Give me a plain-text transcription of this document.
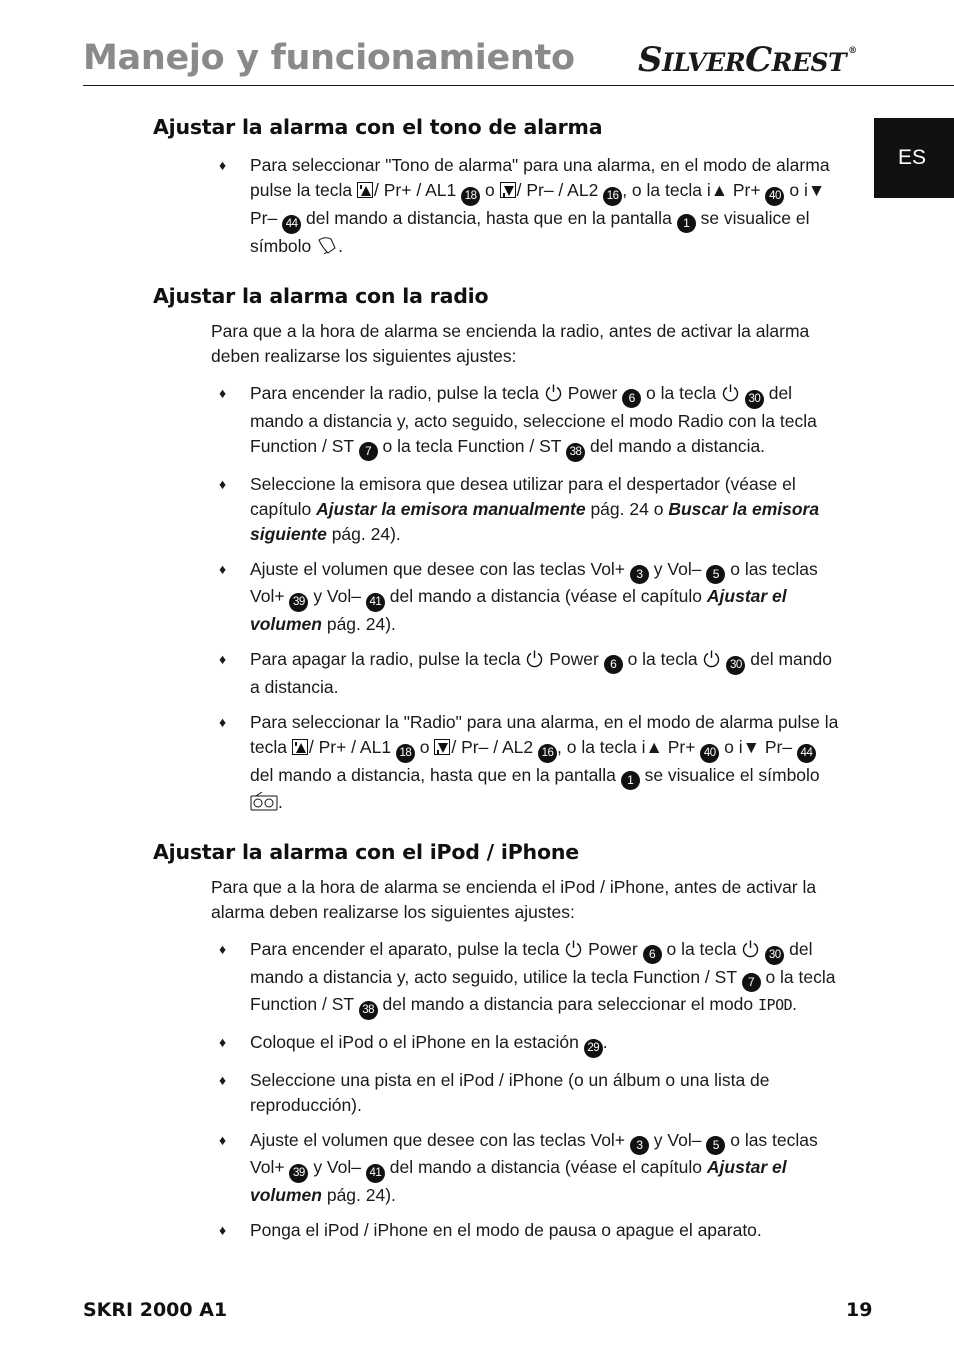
Manejo y funcionamiento SILVERCREST ®
ES
Ajustar la alarma con el tono de alarma

♦ Para seleccionar "Tono de alarma" para una alarma, en el modo de alarma pulse la tecla / Pr+ / AL1 18 o / Pr– / AL2 16 , o la tecla i▲ Pr+ 40 o i▼ Pr– 44 del mando a distancia, hasta que en la pantalla 1 se visualice el símbolo .

Ajustar la alarma con la radio

Para que a la hora de alarma se encienda la radio, antes de activar la alarma deben realizarse los siguientes ajustes:

♦ Para encender la radio, pulse la tecla Power 6 o la tecla	30 del mando a distancia y, acto seguido, seleccione el modo Radio con la tecla Function / ST 7 o la tecla Function / ST 38 del mando a distancia.

♦ Seleccione la emisora que desea utilizar para el despertador (véase el capítulo Ajustar la emisora manualmente pág. 24 o Buscar la emisora siguiente pág. 24).

♦ Ajuste el volumen que desee con las teclas Vol+ 3 y Vol– 5 o las teclas Vol+ 39 y Vol– 41 del mando a distancia (véase el capítulo Ajustar el volumen pág. 24).

♦ Para apagar la radio, pulse la tecla Power 6 o la tecla	30 del mando a distancia.

♦ Para seleccionar la "Radio" para una alarma, en el modo de alarma pulse la tecla / Pr+ / AL1 18 o / Pr– / AL2 16 , o la tecla i▲ Pr+ 40 o i▼ Pr– 44 del mando a distancia, hasta que en la pantalla 1 se visualice el símbolo .

Ajustar la alarma con el iPod / iPhone

Para que a la hora de alarma se encienda el iPod / iPhone, antes de activar la alarma deben realizarse los siguientes ajustes:

♦ Para encender el aparato, pulse la tecla Power 6 o la tecla	30 del mando a distancia y, acto seguido, utilice la tecla Function / ST 7 o la tecla Function / ST 38 del mando a distancia para seleccionar el modo IPOD.

♦ Coloque el iPod o el iPhone en la estación 29 .

♦ Seleccione una pista en el iPod / iPhone (o un álbum o una lista de reproducción).

♦ Ajuste el volumen que desee con las teclas Vol+ 3 y Vol– 5 o las teclas Vol+ 39 y Vol– 41 del mando a distancia (véase el capítulo Ajustar el volumen pág. 24).

♦ Ponga el iPod / iPhone en el modo de pausa o apague el aparato.

SKRI 2000 A1	19
